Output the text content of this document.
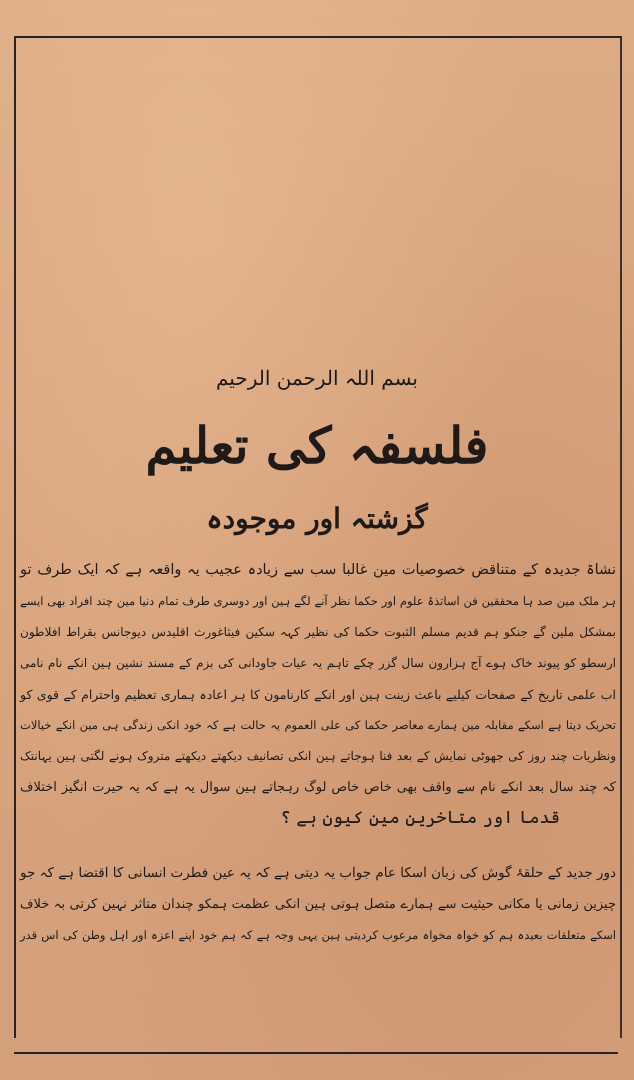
بسم اللہ الرحمن الرحیم
فلسفہ کی تعلیم
گزشتہ اور موجودہ
نشاۃ جدیدہ کے متناقض خصوصیات مین غالبا سب سے زیادہ عجیب یہ واقعہ ہے کہ ایک طرف تو
ہر ملک مین صد ہا محققین فن اساتذۂ علوم اور حکما نظر آنے لگے ہین اور دوسری طرف تمام دنیا مین چند افراد بھی ایسے
بمشکل ملین گے جنکو ہم قدیم مسلم الثبوت حکما کی نظیر کہہ سکین فیثاغورث اقلیدس دیوجانس بقراط افلاطون
ارسطو کو پیوند خاک ہوے آج ہزارون سال گزر چکے تاہم یہ عیات جاودانی کی بزم کے مسند نشین ہین انکے نام نامی
اب علمی تاریخ کے صفحات کیلیے باعث زینت ہین اور انکے کارنامون کا ہر اعادہ ہماری تعظیم واحترام کے قوی کو
تحریک دیتا ہے اسکے مقابلہ مین ہمارے معاصر حکما کی علی العموم یہ حالت ہے کہ خود انکی زندگی ہی مین انکے خیالات
ونظریات چند روز کی جھوٹی نمایش کے بعد فنا ہوجاتے ہین انکی تصانیف دیکھتے دیکھتے متروک ہونے لگتی ہین یہانتک
کہ چند سال بعد انکے نام سے واقف بھی خاص خاص لوگ رہجاتے ہین سوال یہ ہے کہ یہ حیرت انگیز اختلاف
قدما اور متاخرین مین کیون ہے ؟
دور جدید کے حلقۂ گوش کی زبان اسکا عام جواب یہ دیتی ہے کہ یہ عین فطرت انسانی کا اقتضا ہے کہ جو
چیزین زمانی یا مکانی حیثیت سے ہمارے متصل ہوتی ہین انکی عظمت ہمکو چندان متاثر نہین کرتی بہ خلاف
اسکے متعلقات بعیدہ ہم کو خواہ مخواہ مرعوب کردیتی ہین یہی وجہ ہے کہ ہم خود اپنے اعزہ اور اہل وطن کی اس قدر
